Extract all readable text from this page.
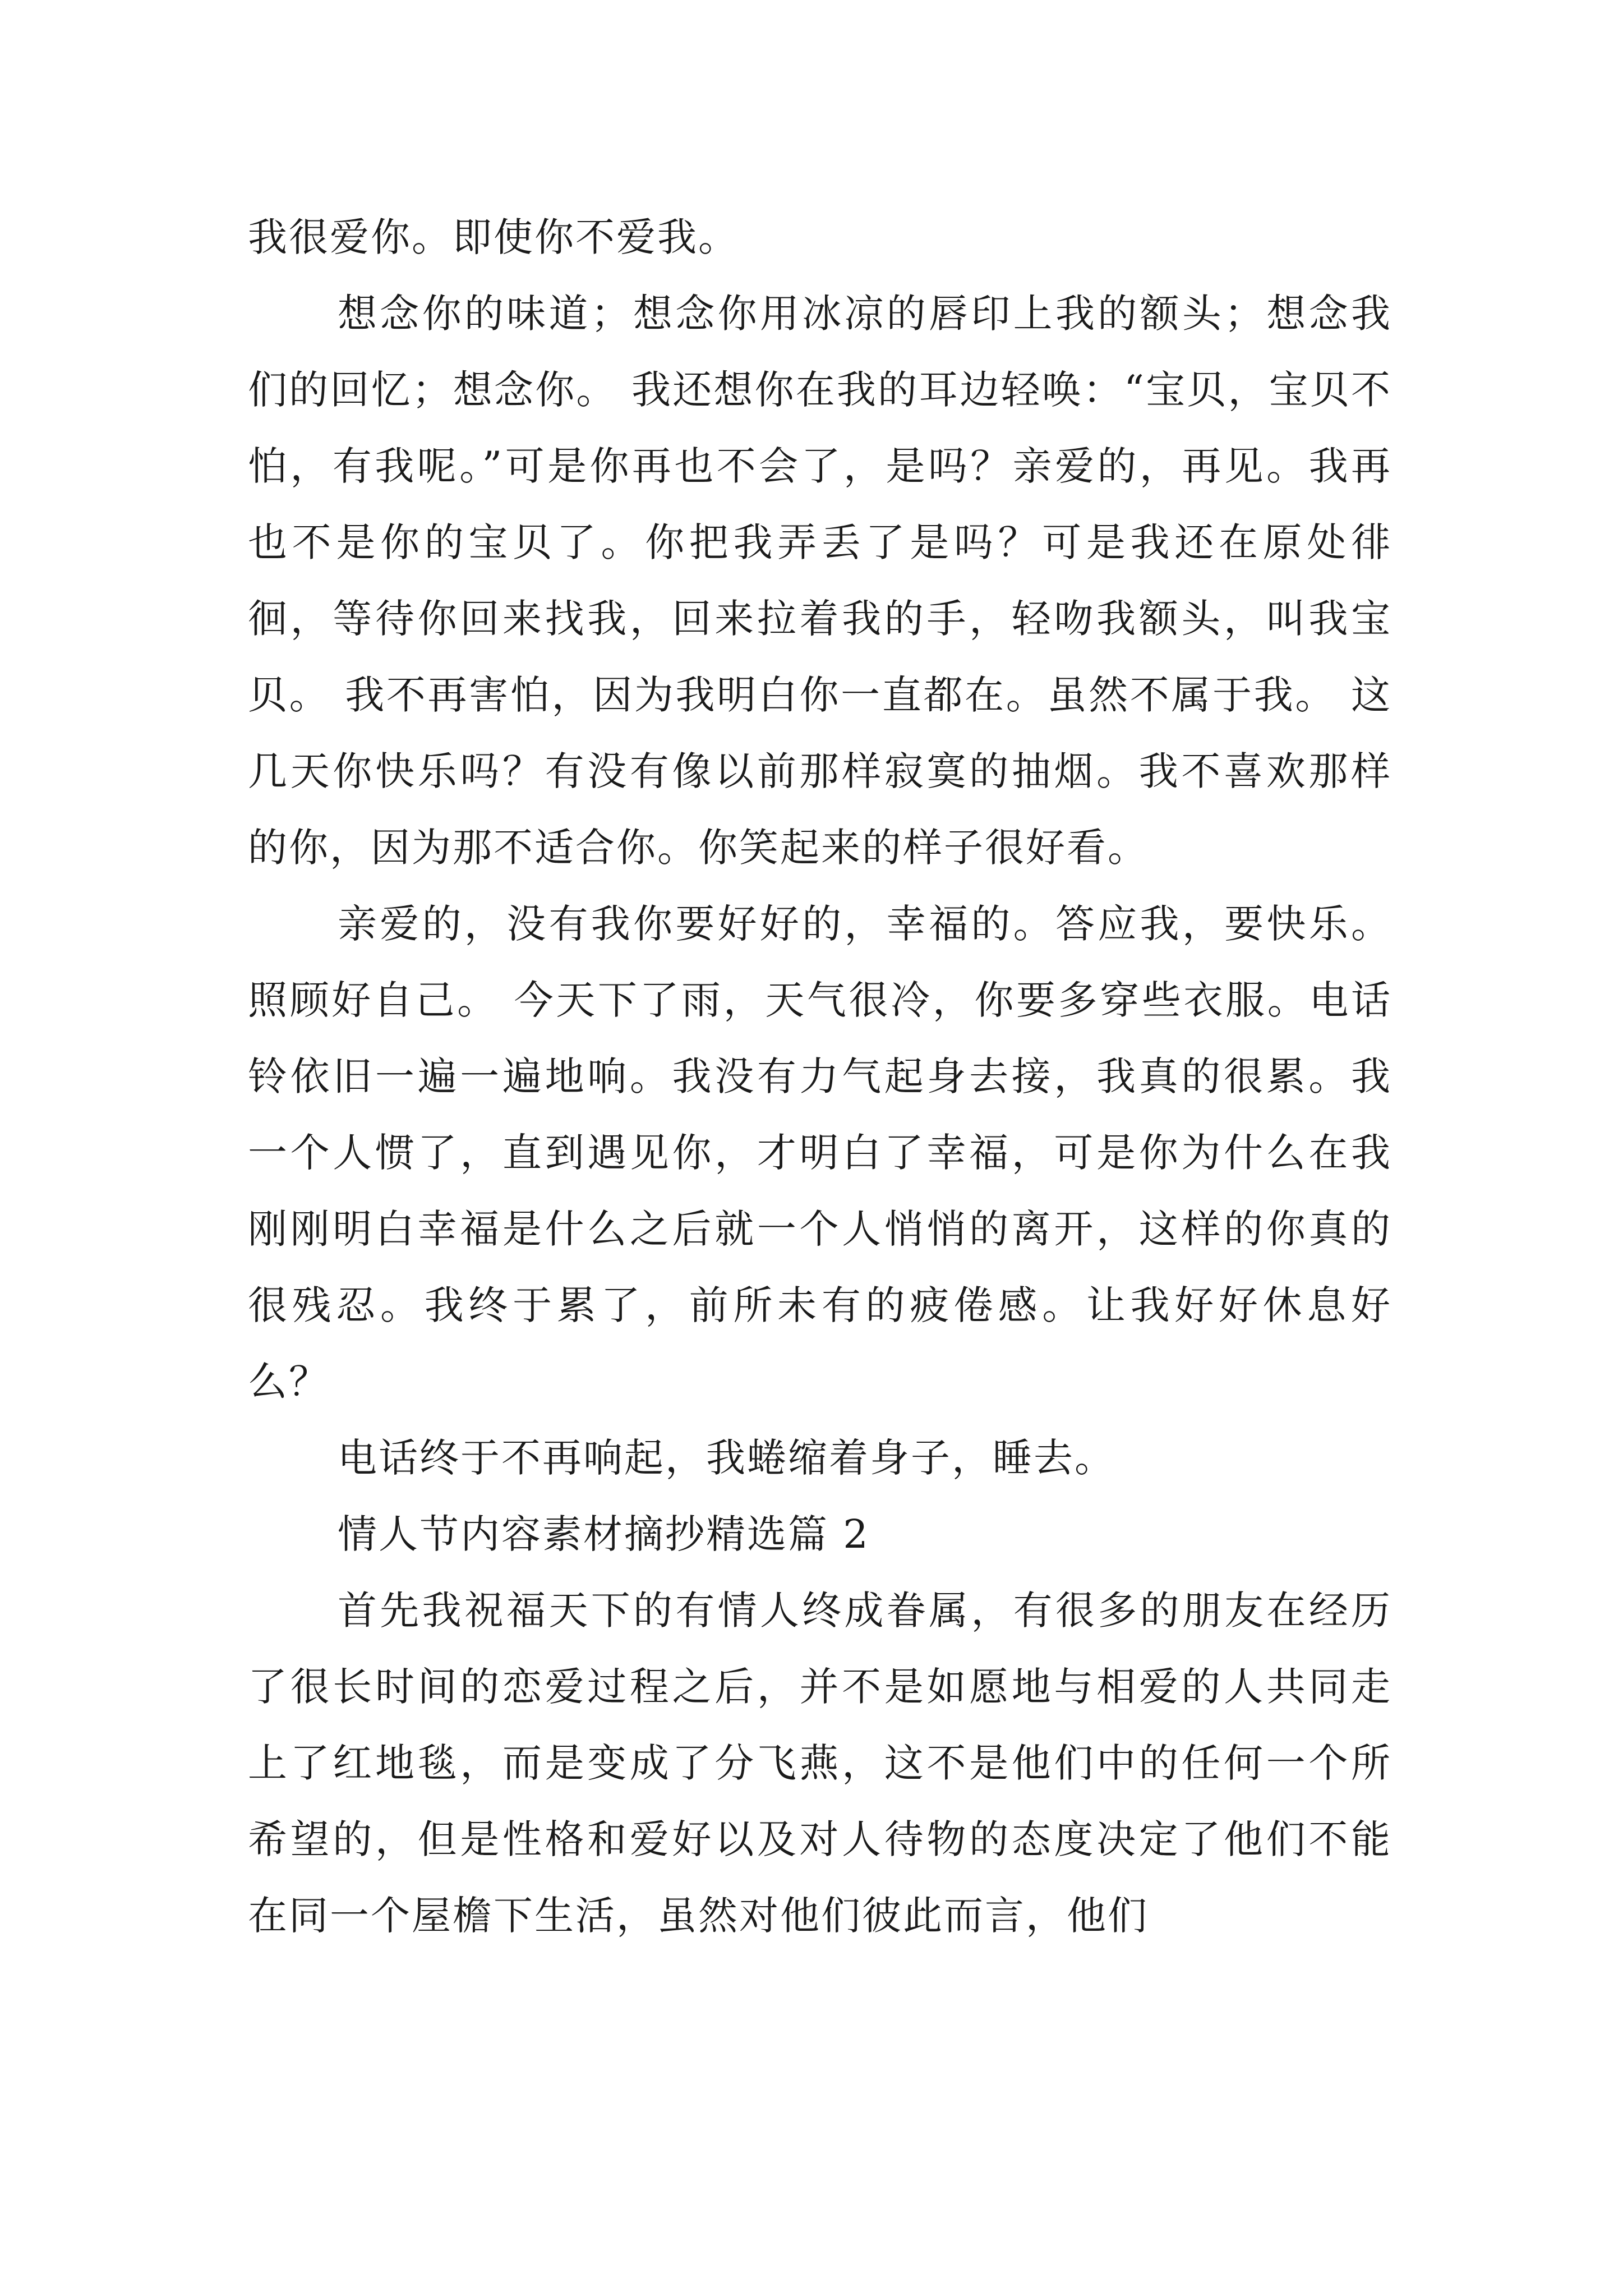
我很爱你。即使你不爱我。

想念你的味道；想念你用冰凉的唇印上我的额头；想念我们的回忆；想念你。 我还想你在我的耳边轻唤：“宝贝，宝贝不怕，有我呢。”可是你再也不会了，是吗？亲爱的，再见。我再也不是你的宝贝了。你把我弄丢了是吗？可是我还在原处徘徊，等待你回来找我，回来拉着我的手，轻吻我额头，叫我宝贝。 我不再害怕，因为我明白你一直都在。虽然不属于我。 这几天你快乐吗？有没有像以前那样寂寞的抽烟。我不喜欢那样的你，因为那不适合你。你笑起来的样子很好看。

亲爱的，没有我你要好好的，幸福的。答应我，要快乐。照顾好自己。 今天下了雨，天气很冷，你要多穿些衣服。电话铃依旧一遍一遍地响。我没有力气起身去接，我真的很累。我一个人惯了，直到遇见你，才明白了幸福，可是你为什么在我刚刚明白幸福是什么之后就一个人悄悄的离开，这样的你真的很残忍。我终于累了，前所未有的疲倦感。让我好好休息好么？

电话终于不再响起，我蜷缩着身子，睡去。

情人节内容素材摘抄精选篇 2

首先我祝福天下的有情人终成眷属，有很多的朋友在经历了很长时间的恋爱过程之后，并不是如愿地与相爱的人共同走上了红地毯，而是变成了分飞燕，这不是他们中的任何一个所希望的，但是性格和爱好以及对人待物的态度决定了他们不能在同一个屋檐下生活，虽然对他们彼此而言，他们
